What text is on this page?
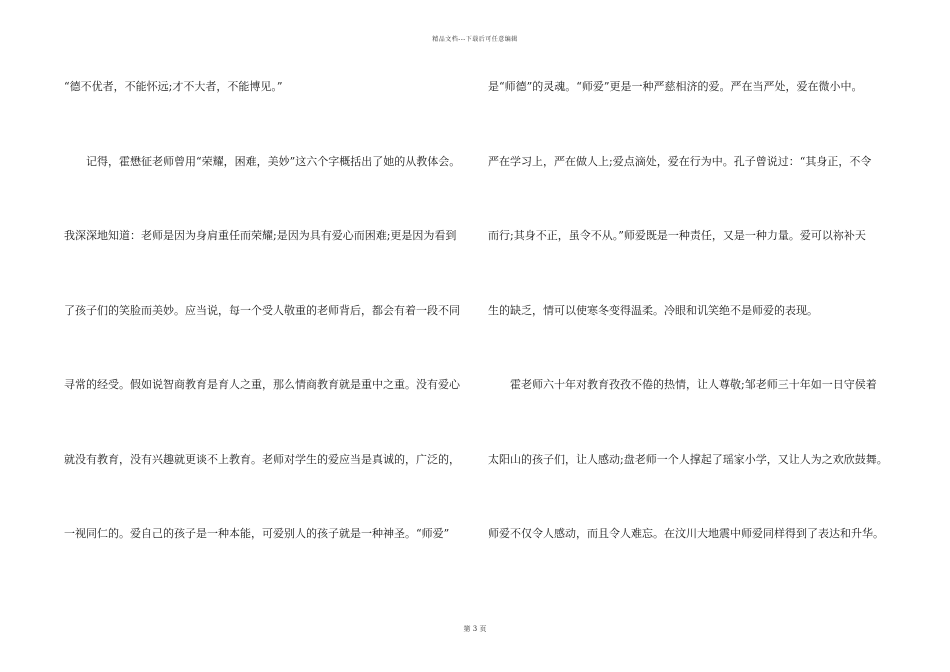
精品文档---下载后可任意编辑
“德不优者，不能怀远;才不大者，不能博见。”
记得，霍懋征老师曾用“荣耀，困难，美妙”这六个字概括出了她的从教体会。
我深深地知道：老师是因为身肩重任而荣耀;是因为具有爱心而困难;更是因为看到
了孩子们的笑脸而美妙。应当说，每一个受人敬重的老师背后，都会有着一段不同
寻常的经受。假如说智商教育是育人之重，那么情商教育就是重中之重。没有爱心
就没有教育，没有兴趣就更谈不上教育。老师对学生的爱应当是真诚的，广泛的，
一视同仁的。爱自己的孩子是一种本能，可爱别人的孩子就是一种神圣。“师爱”
是“师德”的灵魂。“师爱”更是一种严慈相济的爱。严在当严处，爱在微小中。
严在学习上，严在做人上;爱点滴处，爱在行为中。孔子曾说过：“其身正，不令
而行;其身不正，虽令不从。”师爱既是一种责任，又是一种力量。爱可以祢补天
生的缺乏，情可以使寒冬变得温柔。冷眼和讥笑绝不是师爱的表现。
霍老师六十年对教育孜孜不倦的热情，让人尊敬;邹老师三十年如一日守侯着
太阳山的孩子们，让人感动;盘老师一个人撑起了瑶家小学，又让人为之欢欣鼓舞。
师爱不仅令人感动，而且令人难忘。在汶川大地震中师爱同样得到了表达和升华。
第 3 页
